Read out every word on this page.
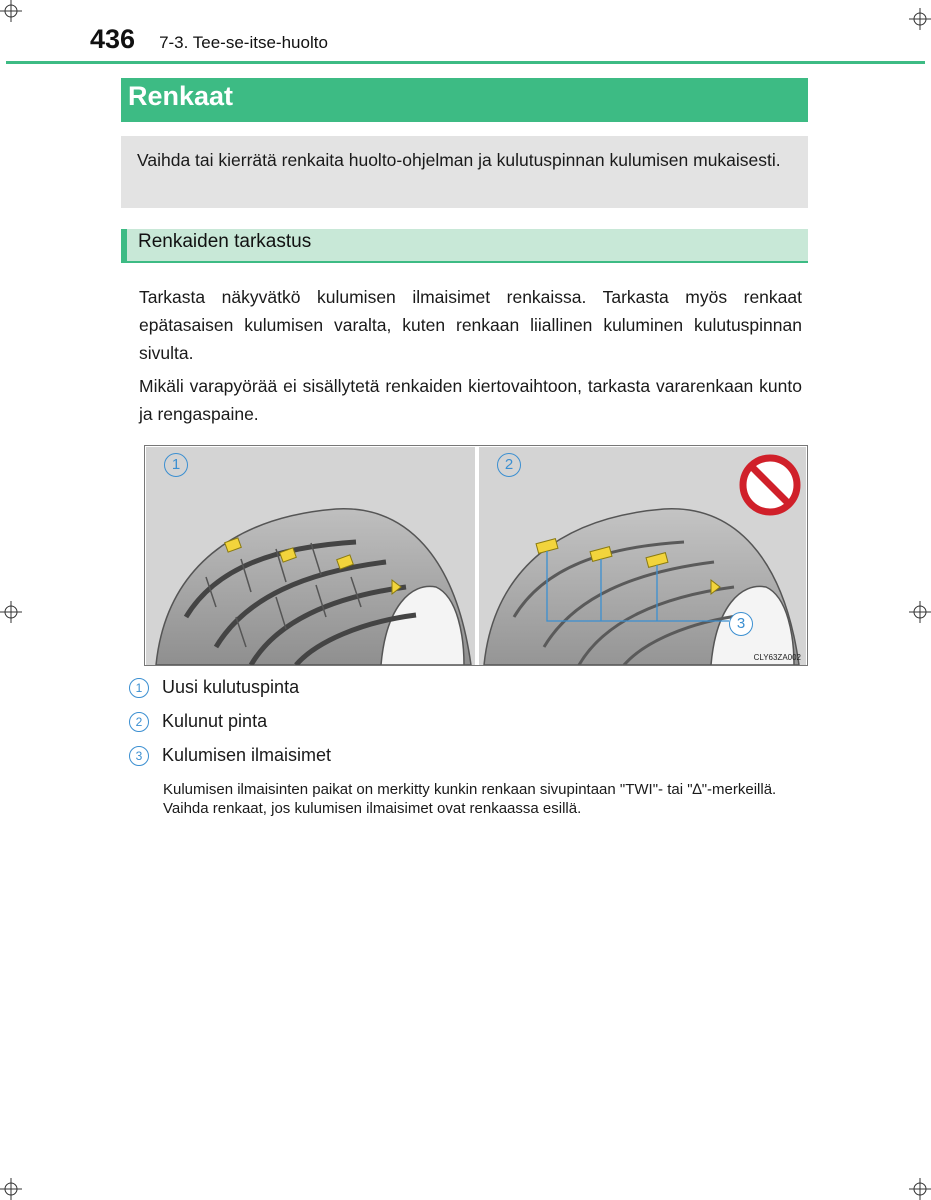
436 7-3. Tee-se-itse-huolto
Renkaat

Vaihda tai kierrätä renkaita huolto-ohjelman ja kulutuspinnan kulumisen mukaisesti.

Renkaiden tarkastus

Tarkasta näkyvätkö kulumisen ilmaisimet renkaissa. Tarkasta myös renkaat epätasaisen kulumisen varalta, kuten renkaan liiallinen kuluminen kulutuspinnan sivulta.

Mikäli varapyörää ei sisällytetä renkaiden kiertovaihtoon, tarkasta vararenkaan kunto ja rengaspaine.

1	2
3
CLY63ZA002
1	Uusi kulutuspinta
2	Kulunut pinta
3	Kulumisen ilmaisimet

Kulumisen ilmaisinten paikat on merkitty kunkin renkaan sivupintaan "TWI"- tai "∆"-merkeillä.
Vaihda renkaat, jos kulumisen ilmaisimet ovat renkaassa esillä.
